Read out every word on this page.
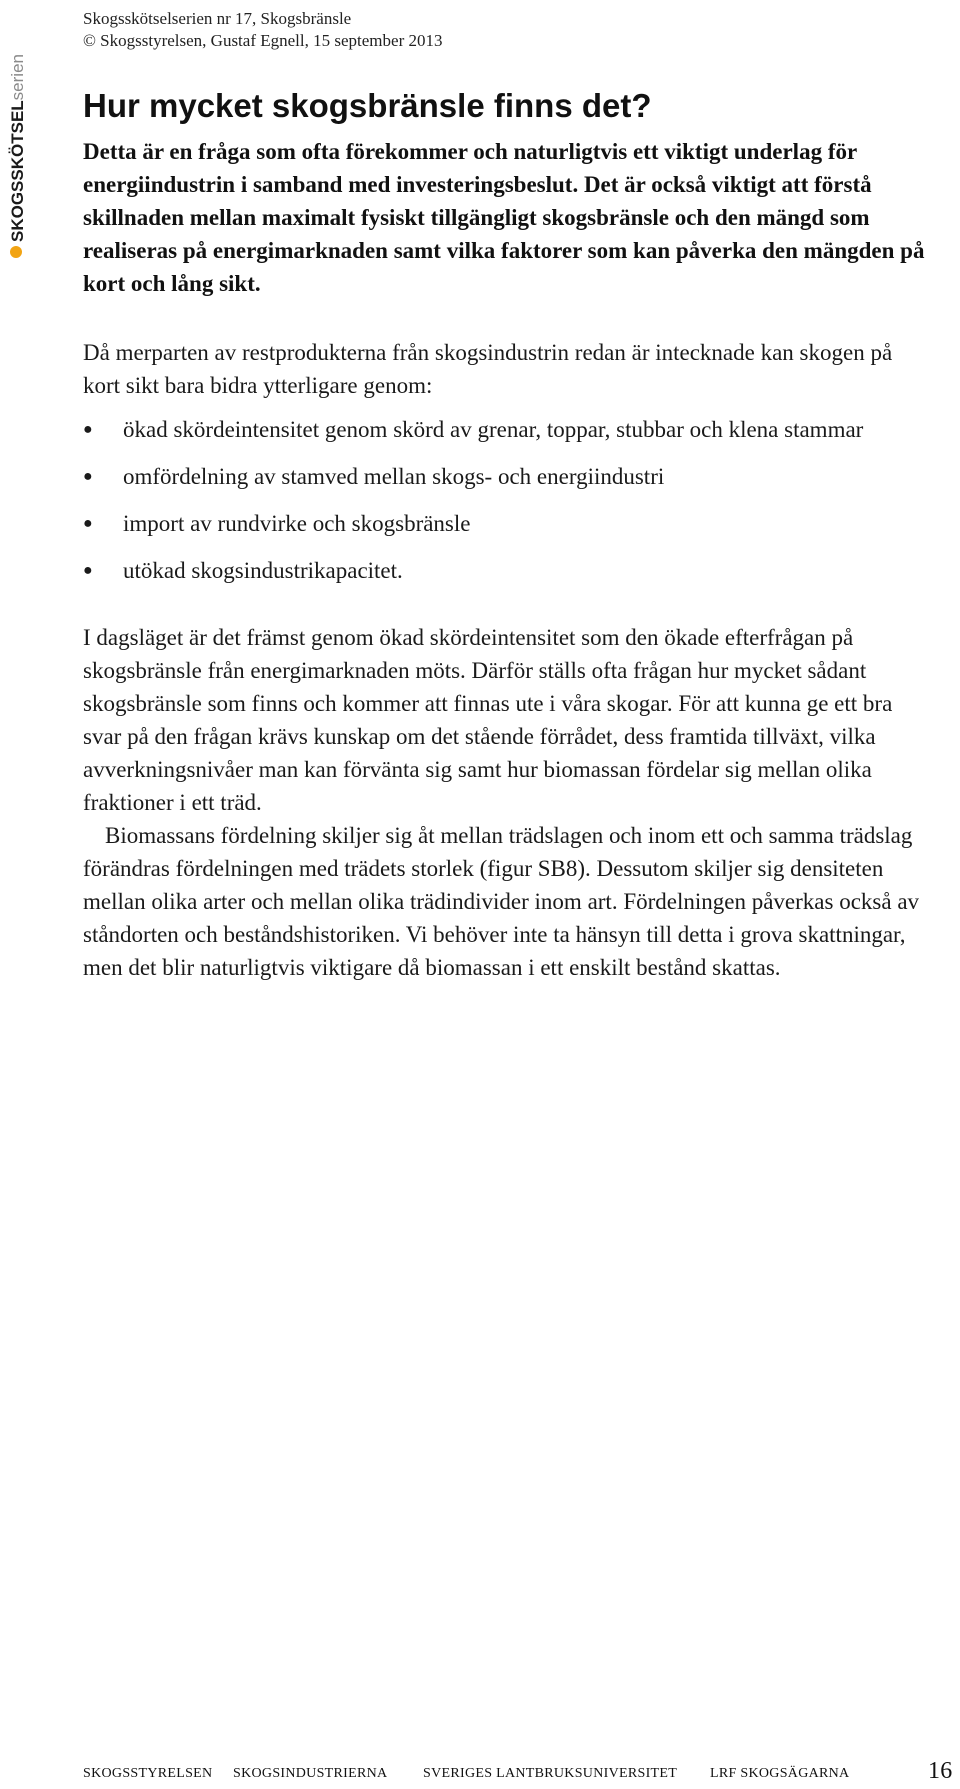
SKOGSSKÖTSELserien
Skogsskötselserien nr 17, Skogsbränsle
© Skogsstyrelsen, Gustaf Egnell, 15 september 2013
Hur mycket skogsbränsle finns det?

Detta är en fråga som ofta förekommer och naturligtvis ett viktigt underlag för energiindustrin i samband med investeringsbeslut. Det är också viktigt att förstå skillnaden mellan maximalt fysiskt tillgängligt skogsbränsle och den mängd som realiseras på energimarknaden samt vilka faktorer som kan påverka den mängden på kort och lång sikt.

Då merparten av restprodukterna från skogsindustrin redan är intecknade kan skogen på kort sikt bara bidra ytterligare genom:

●	ökad skördeintensitet genom skörd av grenar, toppar, stubbar och klena stammar
●	omfördelning av stamved mellan skogs- och energiindustri
●	import av rundvirke och skogsbränsle
●	utökad skogsindustrikapacitet.

I dagsläget är det främst genom ökad skördeintensitet som den ökade efterfrågan på skogsbränsle från energimarknaden möts. Därför ställs ofta frågan hur mycket sådant skogsbränsle som finns och kommer att finnas ute i våra skogar. För att kunna ge ett bra svar på den frågan krävs kunskap om det stående förrådet, dess framtida tillväxt, vilka avverkningsnivåer man kan förvänta sig samt hur biomassan fördelar sig mellan olika fraktioner i ett träd.

Biomassans fördelning skiljer sig åt mellan trädslagen och inom ett och samma trädslag förändras fördelningen med trädets storlek (figur SB8). Dessutom skiljer sig densiteten mellan olika arter och mellan olika trädindivider inom art. Fördelningen påverkas också av ståndorten och beståndshistoriken. Vi behöver inte ta hänsyn till detta i grova skattningar, men det blir naturligtvis viktigare då biomassan i ett enskilt bestånd skattas.

SKOGSSTYRELSEN SKOGSINDUSTRIERNA	SVERIGES LANTBRUKSUNIVERSITET LRF SKOGSÄGARNA	16
